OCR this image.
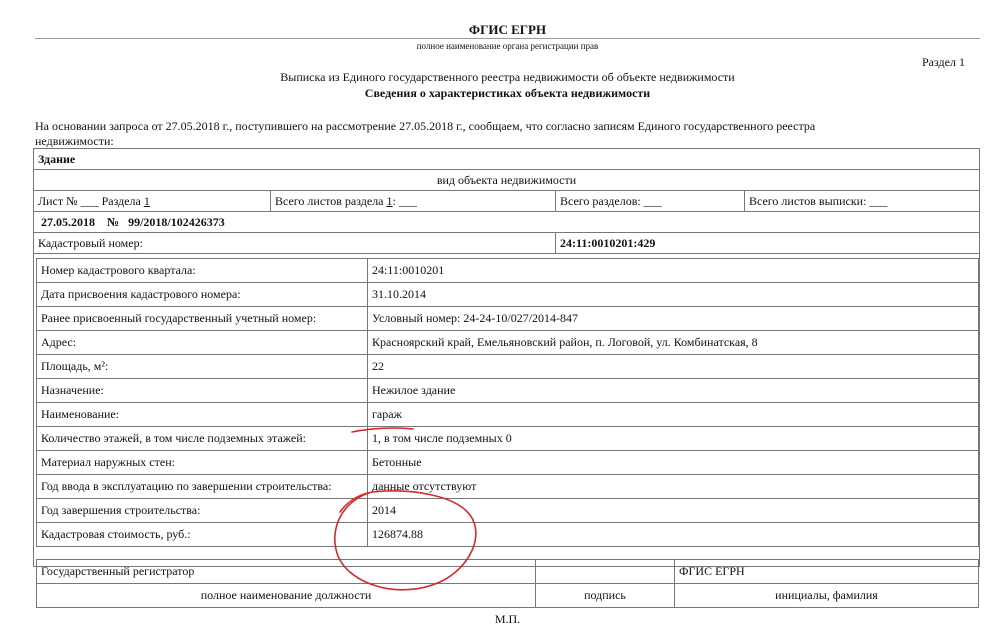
ФГИС ЕГРН
полное наименование органа регистрации прав
Раздел 1
Выписка из Единого государственного реестра недвижимости об объекте недвижимости
Сведения о характеристиках объекта недвижимости
На основании запроса от 27.05.2018 г., поступившего на рассмотрение 27.05.2018 г., сообщаем, что согласно записям Единого государственного реестра
недвижимости:
Здание			
вид объекта недвижимости			
Лист № ___ Раздела 1	Всего листов раздела 1: ___	Всего разделов: ___	Всего листов выписки: ___
27.05.2018 № 99/2018/102426373			
Кадастровый номер:		24:11:0010201:429	

Номер кадастрового квартала:	24:11:0010201
Дата присвоения кадастрового номера:	31.10.2014
Ранее присвоенный государственный учетный номер:	Условный номер: 24-24-10/027/2014-847
Адрес:	Красноярский край, Емельяновский район, п. Логовой, ул. Комбинатская, 8
Площадь, м²:	22
Назначение:	Нежилое здание
Наименование:	гараж
Количество этажей, в том числе подземных этажей:	1, в том числе подземных 0
Материал наружных стен:	Бетонные
Год ввода в эксплуатацию по завершении строительства:	данные отсутствуют
Год завершения строительства:	2014
Кадастровая стоимость, руб.:	126874.88
Государственный регистратор		ФГИС ЕГРН
полное наименование должности	подпись	инициалы, фамилия
М.П.
